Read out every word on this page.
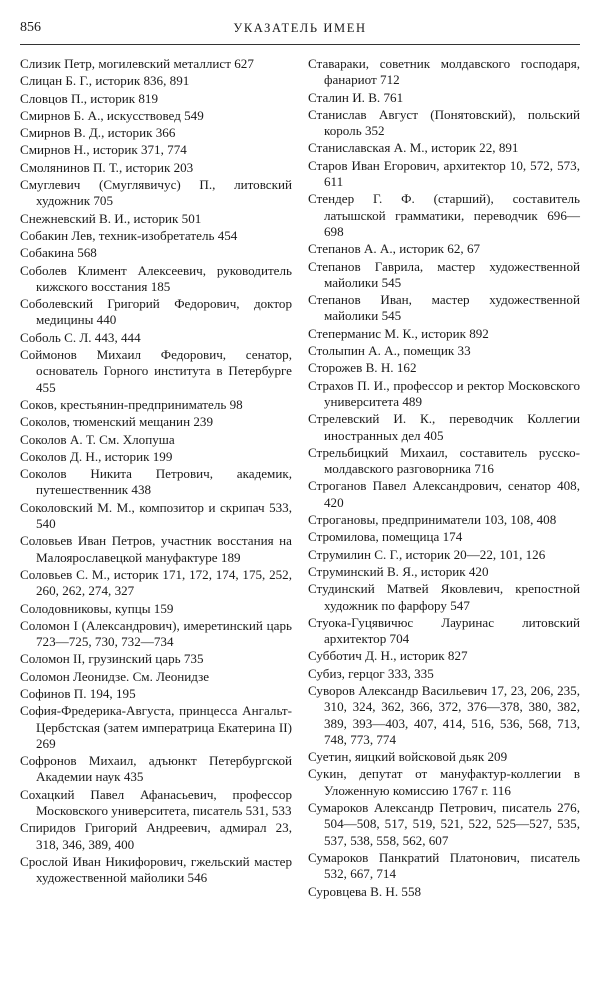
856	УКАЗАТЕЛЬ ИМЕН

Слизик Петр, могилевский металлист 627

Слицан Б. Г., историк 836, 891

Словцов П., историк 819

Смирнов Б. А., искусствовед 549

Смирнов В. Д., историк 366

Смирнов Н., историк 371, 774

Смолянинов П. Т., историк 203

Смуглевич (Смуглявичус) П., литовский художник 705

Снежневский В. И., историк 501

Собакин Лев, техник-изобретатель 454

Собакина 568

Соболев Климент Алексеевич, руководитель кижского восстания 185

Соболевский Григорий Федорович, доктор медицины 440

Соболь С. Л. 443, 444

Соймонов Михаил Федорович, сенатор, основатель Горного института в Петербурге 455

Соков, крестьянин-предприниматель 98

Соколов, тюменский мещанин 239

Соколов А. Т. См. Хлопуша

Соколов Д. Н., историк 199

Соколов Никита Петрович, академик, путешественник 438

Соколовский М. М., композитор и скрипач 533, 540

Соловьев Иван Петров, участник восстания на Малоярославецкой мануфактуре 189

Соловьев С. М., историк 171, 172, 174, 175, 252, 260, 262, 274, 327

Солодовниковы, купцы 159

Соломон I (Александрович), имеретинский царь 723—725, 730, 732—734

Соломон II, грузинский царь 735

Соломон Леонидзе. См. Леонидзе

Софинов П. 194, 195

София-Фредерика-Августа, принцесса Ангальт-Цербстская (затем императрица Екатерина II) 269

Софронов Михаил, адъюнкт Петербургской Академии наук 435

Сохацкий Павел Афанасьевич, профессор Московского университета, писатель 531, 533

Спиридов Григорий Андреевич, адмирал 23, 318, 346, 389, 400

Срослой Иван Никифорович, гжельский мастер художественной майолики 546

Ставараки, советник молдавского господаря, фанариот 712

Сталин И. В. 761

Станислав Август (Понятовский), польский король 352

Станиславская А. М., историк 22, 891

Старов Иван Егорович, архитектор 10, 572, 573, 611

Стендер Г. Ф. (старший), составитель латышской грамматики, переводчик 696—698

Степанов А. А., историк 62, 67

Степанов Гаврила, мастер художественной майолики 545

Степанов Иван, мастер художественной майолики 545

Степерманис М. К., историк 892

Столыпин А. А., помещик 33

Сторожев В. Н. 162

Страхов П. И., профессор и ректор Московского университета 489

Стрелевский И. К., переводчик Коллегии иностранных дел 405

Стрельбицкий Михаил, составитель русско-молдавского разговорника 716

Строганов Павел Александрович, сенатор 408, 420

Строгановы, предприниматели 103, 108, 408

Стромилова, помещица 174

Струмилин С. Г., историк 20—22, 101, 126

Струминский В. Я., историк 420

Студинский Матвей Яковлевич, крепостной художник по фарфору 547

Стуока-Гуцявичюс Лауринас литовский архитектор 704

Субботич Д. Н., историк 827

Субиз, герцог 333, 335

Суворов Александр Васильевич 17, 23, 206, 235, 310, 324, 362, 366, 372, 376—378, 380, 382, 389, 393—403, 407, 414, 516, 536, 568, 713, 748, 773, 774

Суетин, яицкий войсковой дьяк 209

Сукин, депутат от мануфактур-коллегии в Уложенную комиссию 1767 г. 116

Сумароков Александр Петрович, писатель 276, 504—508, 517, 519, 521, 522, 525—527, 535, 537, 538, 558, 562, 607

Сумароков Панкратий Платонович, писатель 532, 667, 714

Суровцева В. Н. 558
